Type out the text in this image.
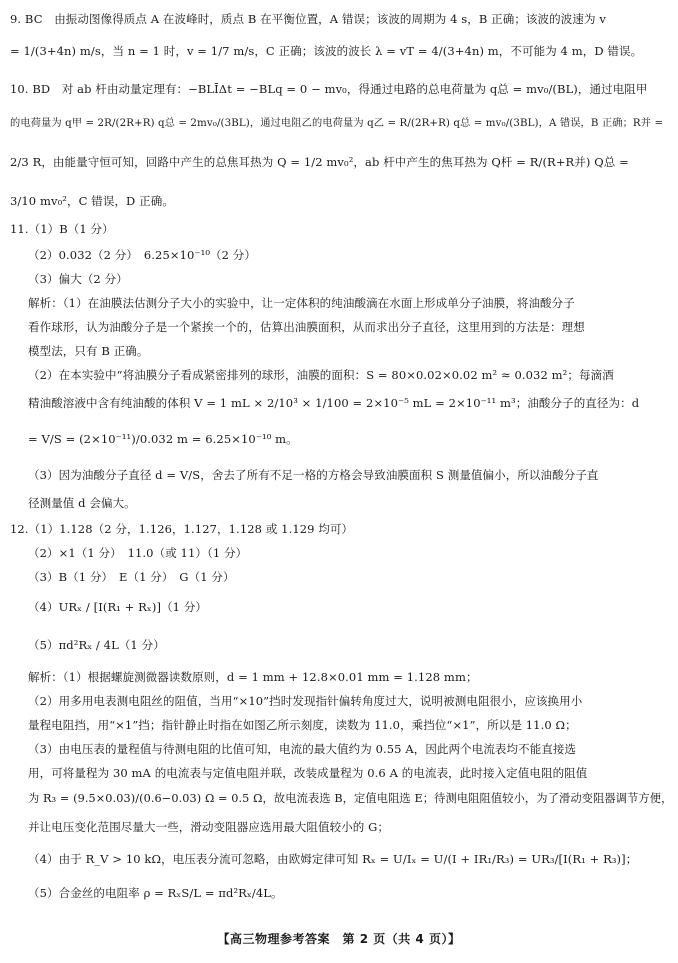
9. BC　由振动图像得质点 A 在波峰时，质点 B 在平衡位置，A 错误；该波的周期为 4 s，B 正确；该波的波速为 v
= 1/(3+4n) m/s，当 n = 1 时，v = 1/7 m/s，C 正确；该波的波长 λ = vT = 4/(3+4n) m，不可能为 4 m，D 错误。
10. BD　对 ab 杆由动量定理有：−BLĪΔt = −BLq = 0 − mv₀，得通过电路的总电荷量为 q总 = mv₀/(BL)，通过电阻甲
的电荷量为 q甲 = 2R/(2R+R) q总 = 2mv₀/(3BL)，通过电阻乙的电荷量为 q乙 = R/(2R+R) q总 = mv₀/(3BL)，A 错误，B 正确；R并 =
2/3 R，由能量守恒可知，回路中产生的总焦耳热为 Q = 1/2 mv₀²，ab 杆中产生的焦耳热为 Q杆 = R/(R+R并) Q总 =
3/10 mv₀²，C 错误，D 正确。
11.（1）B（1 分）
（2）0.032（2 分）　6.25×10⁻¹⁰（2 分）
（3）偏大（2 分）
解析：（1）在油膜法估测分子大小的实验中，让一定体积的纯油酸滴在水面上形成单分子油膜，将油酸分子
看作球形，认为油酸分子是一个紧挨一个的，估算出油膜面积，从而求出分子直径，这里用到的方法是：理想
模型法，只有 B 正确。
（2）在本实验中“将油膜分子看成紧密排列的球形，油膜的面积：S = 80×0.02×0.02 m² ≈ 0.032 m²；每滴酒
精油酸溶液中含有纯油酸的体积 V = 1 mL × 2/10³ × 1/100 = 2×10⁻⁵ mL = 2×10⁻¹¹ m³；油酸分子的直径为：d
= V/S = (2×10⁻¹¹)/0.032 m = 6.25×10⁻¹⁰ m。
（3）因为油酸分子直径 d = V/S，舍去了所有不足一格的方格会导致油膜面积 S 测量值偏小，所以油酸分子直
径测量值 d 会偏大。
12.（1）1.128（2 分，1.126，1.127，1.128 或 1.129 均可）
（2）×1（1 分）　11.0（或 11）（1 分）
（3）B（1 分）　E（1 分）　G（1 分）
（4）URₓ / [I(R₁ + Rₓ)]（1 分）
（5）πd²Rₓ / 4L（1 分）
解析：（1）根据螺旋测微器读数原则，d = 1 mm + 12.8×0.01 mm = 1.128 mm；
（2）用多用电表测电阻丝的阻值，当用“×10”挡时发现指针偏转角度过大，说明被测电阻很小，应该换用小
量程电阻挡，用“×1”挡；指针静止时指在如图乙所示刻度，读数为 11.0，乘挡位“×1”，所以是 11.0 Ω；
（3）由电压表的量程值与待测电阻的比值可知，电流的最大值约为 0.55 A，因此两个电流表均不能直接选
用，可将量程为 30 mA 的电流表与定值电阻并联，改装成量程为 0.6 A 的电流表，此时接入定值电阻的阻值
为 R₃ = (9.5×0.03)/(0.6−0.03) Ω = 0.5 Ω，故电流表选 B，定值电阻选 E；待测电阻阻值较小，为了滑动变阻器调节方便，
并让电压变化范围尽量大一些，滑动变阻器应选用最大阻值较小的 G；
（4）由于 R_V > 10 kΩ，电压表分流可忽略，由欧姆定律可知 Rₓ = U/Iₓ = U/(I + IR₁/R₃) = UR₃/[I(R₁ + R₃)]；
（5）合金丝的电阻率 ρ = RₓS/L = πd²Rₓ/4L。
【高三物理参考答案　第 2 页（共 4 页）】
